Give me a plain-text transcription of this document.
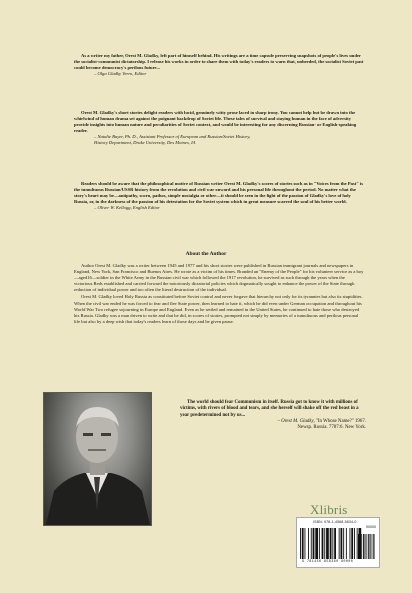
As a writer my father, Orest M. Gladky, left part of himself behind. His writings are a time capsule preserving snapshots of people's lives under the socialist-communist dictatorship. I release his works in order to share them with today's readers to warn that, unheeded, the socialist Soviet past could become democracy's perilous future...

– Olga Gladky Verro, Editor

Orest M. Gladky's short stories delight readers with lucid, genuinely witty prose laced in sharp irony. You cannot help but be drawn into the whirlwind of human drama set against the poignant backdrop of Soviet life. These tales of survival and staying human in the face of adversity provide insights into human nature and peculiarities of Soviet context, and would be interesting for any discerning Russian- or English-speaking reader.

– Natalie Bayer, Ph. D., Assistant Professor of European and Russian/Soviet History,
History Department, Drake University, Des Moines, IA

Readers should be aware that the philosophical motive of Russian writer Orest M. Gladky's scores of stories such as in "Voices from the Past" is the tumultuous Russian/USSR history from the revolution and civil war onward and his personal life throughout the period. No matter what the story's heart may be—antipathy, scorn, pathos, simple nostalgia or other—it should be seen in the light of the passion of Gladky's love of holy Russia, or, in the darkness of the passion of his detestation for the Soviet system which in great measure scarred the soul of his better world.

– Oliver W. Kellogg, English Editor
About the Author

Author Orest M. Gladky was a writer between 1945 and 1977 and his short stories were published in Russian immigrant journals and newspapers in England, New York, San Francisco and Buenos Aires. He wrote as a victim of his times. Branded an "Enemy of the People" for his volunteer service as a boy—aged16—soldier in the White Army in the Russian civil war which followed the 1917 revolution, he survived as such through the years when the victorious Reds established and carried forward the notoriously dictatorial policies which dogmatically sought to enhance the power of the State through reduction of individual power and too often the literal destruction of the individual.

Orest M. Gladky loved Holy Russia as constituted before Soviet control and never forgave that hierarchy not only for its tyrannies but also its stupidities. When the civil war ended he was forced to fear and flee State power, then learned to hate it, which he did even under German occupation and throughout his World War Two refugee sojourning in Europe and England. Even as he settled and remained in the United States, he continued to hate those who destroyed his Russia. Gladky was a man driven to write and that he did, in scores of stories, prompted not simply by memories of a tumultuous and perilous personal life but also by a deep wish that today's readers learn of those days and be given pause.

The world should fear Communism in itself. Russia got to know it with millions of victims, with rivers of blood and tears, and she herself will shake off the red beast in a year predetermined not by us...

– Orest M. Gladky, "In Whose Name?" 1967.
Newsp. Russia. 7787:6. New York.
Xlibris
ISBN: 978-1-4568-5834-0
90000
9 781456 858360 90000
